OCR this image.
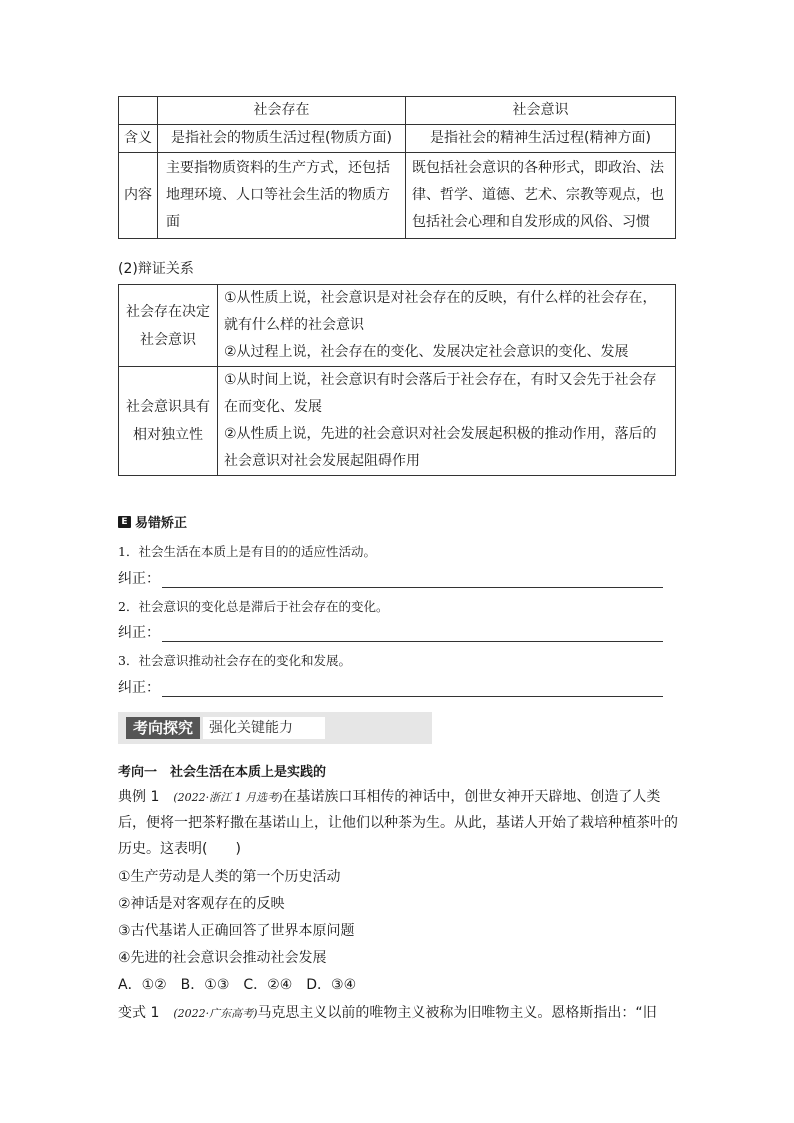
	社会存在	社会意识
含义	是指社会的物质生活过程(物质方面)	是指社会的精神生活过程(精神方面)
内容	主要指物质资料的生产方式，还包括地理环境、人口等社会生活的物质方面	既包括社会意识的各种形式，即政治、法律、哲学、道德、艺术、宗教等观点，也包括社会心理和自发形成的风俗、习惯
(2)辩证关系
社会存在决定社会意识	①从性质上说，社会意识是对社会存在的反映，有什么样的社会存在，就有什么样的社会意识
②从过程上说，社会存在的变化、发展决定社会意识的变化、发展

社会意识具有相对独立性	①从时间上说，社会意识有时会落后于社会存在，有时又会先于社会存在而变化、发展
②从性质上说，先进的社会意识对社会发展起积极的推动作用，落后的社会意识对社会发展起阻碍作用
E 易错矫正
1．社会生活在本质上是有目的的适应性活动。
纠正：
2．社会意识的变化总是滞后于社会存在的变化。
纠正：
3．社会意识推动社会存在的变化和发展。
纠正：
考向探究	强化关键能力
考向一　社会生活在本质上是实践的
典例 1　(2022·浙江 1 月选考)在基诺族口耳相传的神话中，创世女神开天辟地、创造了人类
后，便将一把茶籽撒在基诺山上，让他们以种茶为生。从此，基诺人开始了栽培种植茶叶的
历史。这表明(　　)
①生产劳动是人类的第一个历史活动
②神话是对客观存在的反映
③古代基诺人正确回答了世界本原问题
④先进的社会意识会推动社会发展
A．①②　B．①③　C．②④　D．③④
变式 1　(2022·广东高考)马克思主义以前的唯物主义被称为旧唯物主义。恩格斯指出：“旧
